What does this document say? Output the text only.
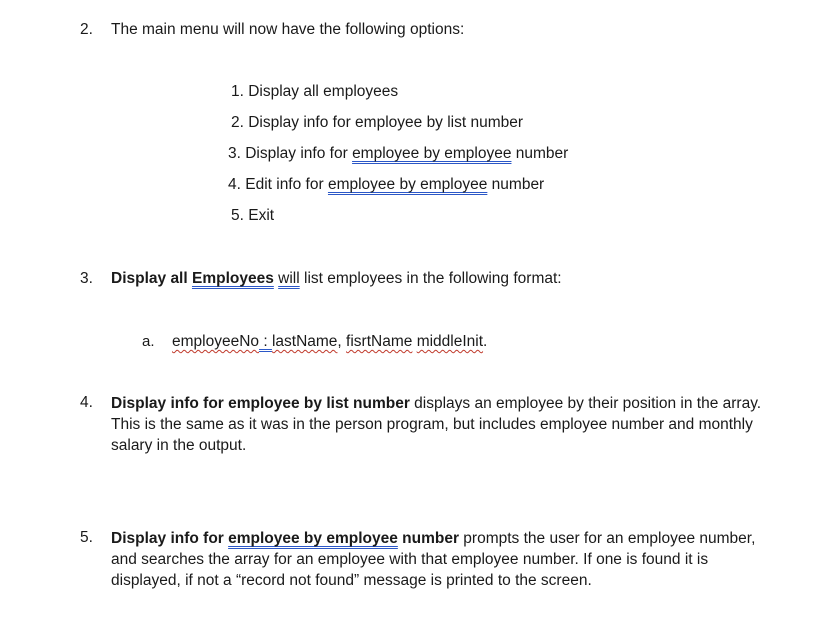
2. The main menu will now have the following options:
1. Display all employees
2. Display info for employee by list number
3. Display info for employee by employee number
4. Edit info for employee by employee number
5. Exit
3. Display all Employees will list employees in the following format:
a. employeeNo : lastName, fisrtName middleInit.
4. Display info for employee by list number displays an employee by their position in the array. This is the same as it was in the person program, but includes employee number and monthly salary in the output.
5. Display info for employee by employee number prompts the user for an employee number, and searches the array for an employee with that employee number. If one is found it is displayed, if not a “record not found” message is printed to the screen.
